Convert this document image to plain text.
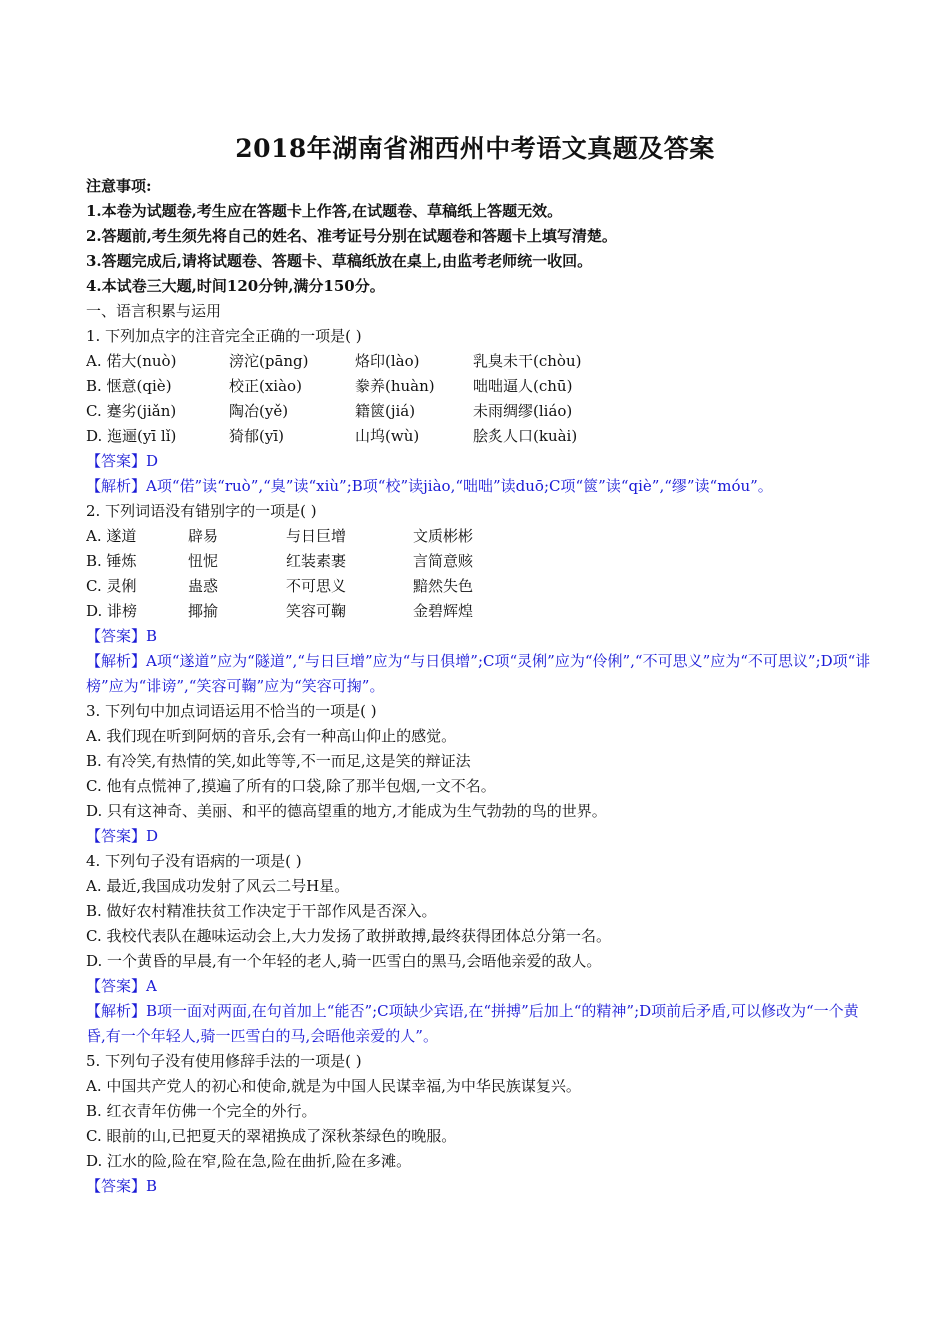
2018年湖南省湘西州中考语文真题及答案
注意事项:
1.本卷为试题卷,考生应在答题卡上作答,在试题卷、草稿纸上答题无效。
2.答题前,考生须先将自己的姓名、准考证号分别在试题卷和答题卡上填写清楚。
3.答题完成后,请将试题卷、答题卡、草稿纸放在桌上,由监考老师统一收回。
4.本试卷三大题,时间120分钟,满分150分。
一、语言积累与运用
1. 下列加点字的注音完全正确的一项是( )
A. 偌大(nuò)	滂沱(pāng)	烙印(lào)	乳臭未干(chòu)
B. 惬意(qiè)	校正(xiào)	豢养(huàn)	咄咄逼人(chū)
C. 蹇劣(jiǎn)	陶冶(yě)	籍篋(jiá)	未雨绸缪(liáo)
D. 迤逦(yī lǐ)	猗郁(yī)	山坞(wù)	脍炙人口(kuài)
【答案】D
【解析】A项“偌”读“ruò”,“臭”读“xiù”;B项“校”读jiào,“咄咄”读duō;C项“篋”读“qiè”,“缪”读“móu”。
2. 下列词语没有错别字的一项是( )
A. 遂道	辟易	与日巨增	文质彬彬
B. 锤炼	忸怩	红装素裹	言简意赅
C. 灵俐	蛊惑	不可思义	黯然失色
D. 诽榜	揶揄	笑容可鞠	金碧辉煌
【答案】B
【解析】A项“遂道”应为“隧道”,“与日巨增”应为“与日俱增”;C项“灵俐”应为“伶俐”,“不可思义”应为“不可思议”;D项“诽榜”应为“诽谤”,“笑容可鞠”应为“笑容可掬”。
3. 下列句中加点词语运用不恰当的一项是( )
A. 我们现在听到阿炳的音乐,会有一种高山仰止的感觉。
B. 有冷笑,有热情的笑,如此等等,不一而足,这是笑的辩证法
C. 他有点慌神了,摸遍了所有的口袋,除了那半包烟,一文不名。
D. 只有这神奇、美丽、和平的德高望重的地方,才能成为生气勃勃的鸟的世界。
【答案】D
4. 下列句子没有语病的一项是( )
A. 最近,我国成功发射了风云二号H星。
B. 做好农村精准扶贫工作决定于干部作风是否深入。
C. 我校代表队在趣味运动会上,大力发扬了敢拼敢搏,最终获得团体总分第一名。
D. 一个黄昏的早晨,有一个年轻的老人,骑一匹雪白的黑马,会晤他亲爱的敌人。
【答案】A
【解析】B项一面对两面,在句首加上“能否”;C项缺少宾语,在“拼搏”后加上“的精神”;D项前后矛盾,可以修改为“一个黄昏,有一个年轻人,骑一匹雪白的马,会晤他亲爱的人”。
5. 下列句子没有使用修辞手法的一项是( )
A. 中国共产党人的初心和使命,就是为中国人民谋幸福,为中华民族谋复兴。
B. 红衣青年仿佛一个完全的外行。
C. 眼前的山,已把夏天的翠裙换成了深秋茶绿色的晚服。
D. 江水的险,险在窄,险在急,险在曲折,险在多滩。
【答案】B
